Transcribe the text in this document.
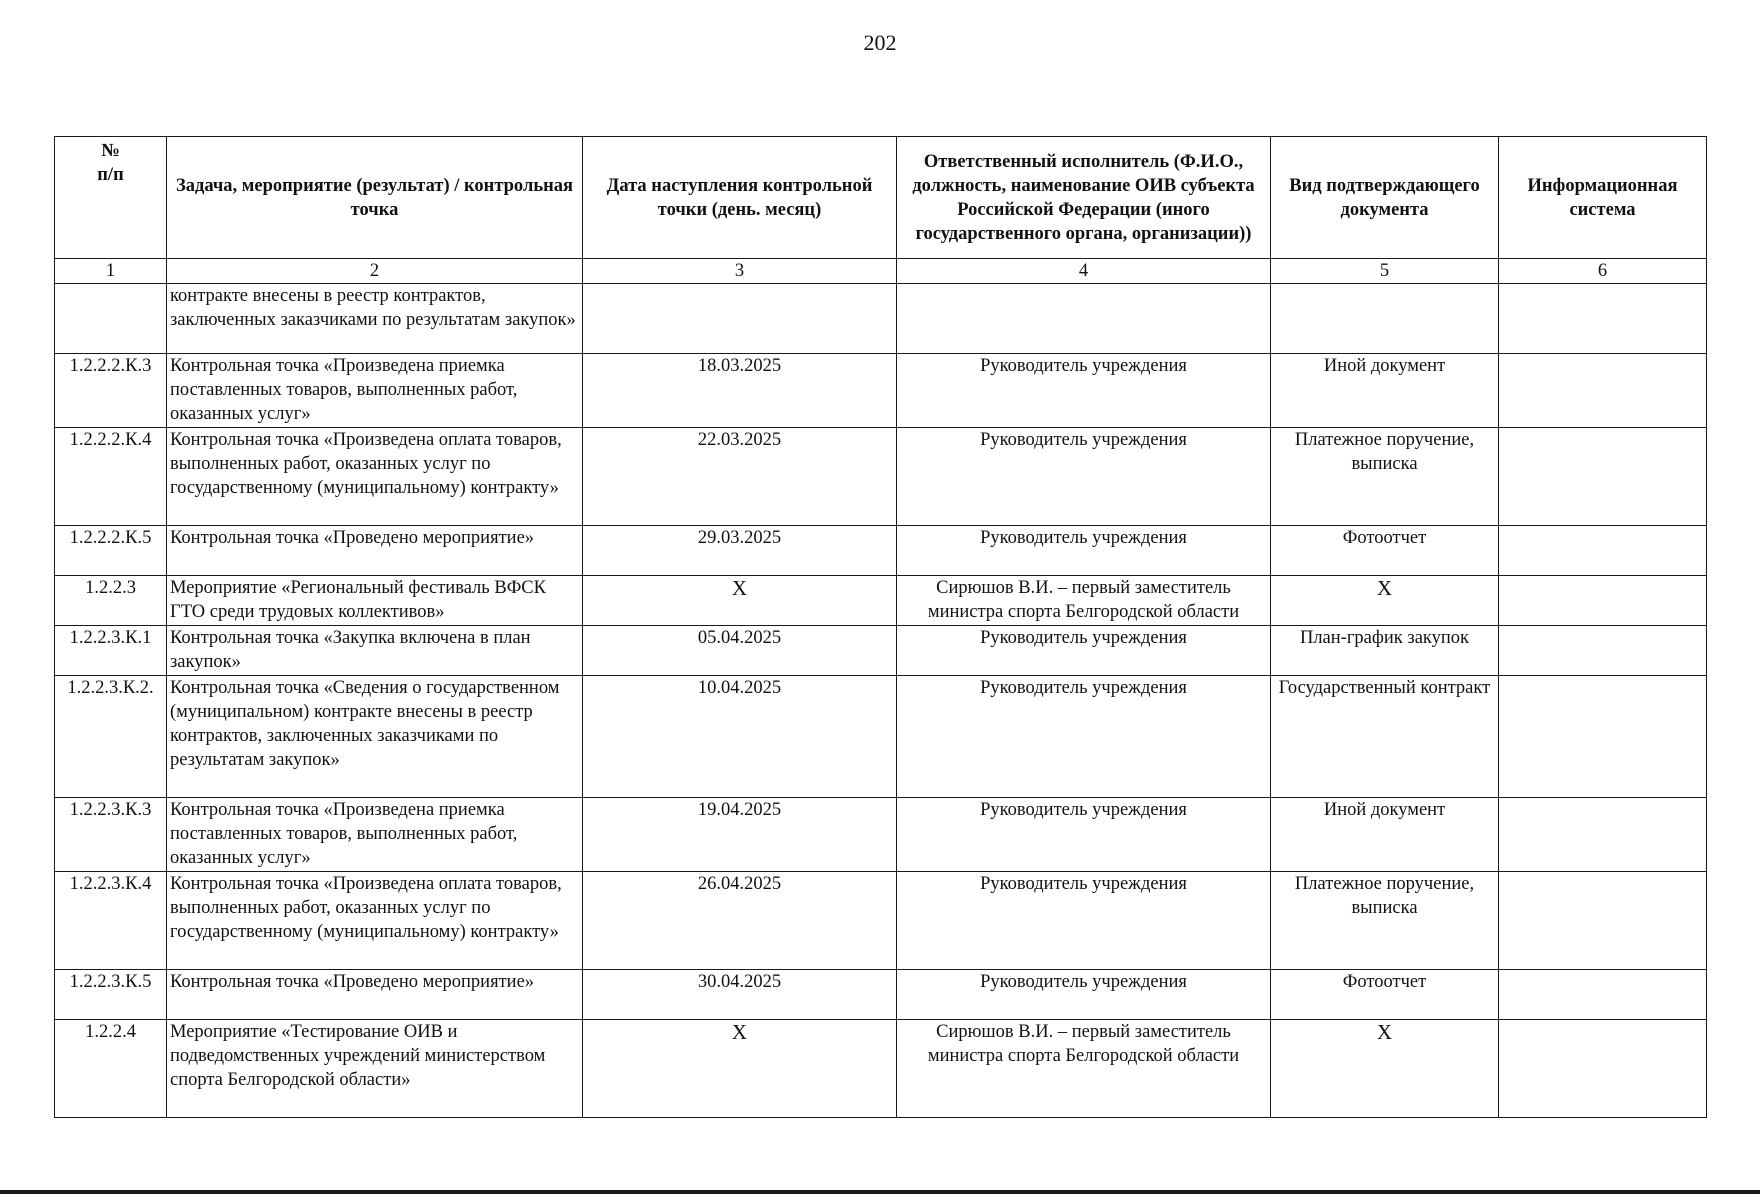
202
№
п/п	Задача, мероприятие (результат) / контрольная точка	Дата наступления контрольной точки (день. месяц)	Ответственный исполнитель (Ф.И.О., должность, наименование ОИВ субъекта Российской Федерации (иного государственного органа, организации))	Вид подтверждающего документа	Информационная система
1	2	3	4	5	6
	контракте внесены в реестр контрактов, заключенных заказчиками по результатам закупок»				
1.2.2.2.К.3	Контрольная точка «Произведена приемка поставленных товаров, выполненных работ, оказанных услуг»	18.03.2025	Руководитель учреждения	Иной документ	
1.2.2.2.К.4	Контрольная точка «Произведена оплата товаров, выполненных работ, оказанных услуг по государственному (муниципальному) контракту»	22.03.2025	Руководитель учреждения	Платежное поручение, выписка	
1.2.2.2.К.5	Контрольная точка «Проведено мероприятие»	29.03.2025	Руководитель учреждения	Фотоотчет	
1.2.2.3	Мероприятие «Региональный фестиваль ВФСК ГТО среди трудовых коллективов»	Х	Сирюшов В.И. – первый заместитель министра спорта Белгородской области	Х	
1.2.2.3.К.1	Контрольная точка «Закупка включена в план закупок»	05.04.2025	Руководитель учреждения	План-график закупок	
1.2.2.3.К.2.	Контрольная точка «Сведения о государственном (муниципальном) контракте внесены в реестр контрактов, заключенных заказчиками по результатам закупок»	10.04.2025	Руководитель учреждения	Государственный контракт	
1.2.2.3.К.3	Контрольная точка «Произведена приемка поставленных товаров, выполненных работ, оказанных услуг»	19.04.2025	Руководитель учреждения	Иной документ	
1.2.2.3.К.4	Контрольная точка «Произведена оплата товаров, выполненных работ, оказанных услуг по государственному (муниципальному) контракту»	26.04.2025	Руководитель учреждения	Платежное поручение, выписка	
1.2.2.3.К.5	Контрольная точка «Проведено мероприятие»	30.04.2025	Руководитель учреждения	Фотоотчет	
1.2.2.4	Мероприятие «Тестирование ОИВ и подведомственных учреждений министерством спорта Белгородской области»	Х	Сирюшов В.И. – первый заместитель министра спорта Белгородской области	Х	
